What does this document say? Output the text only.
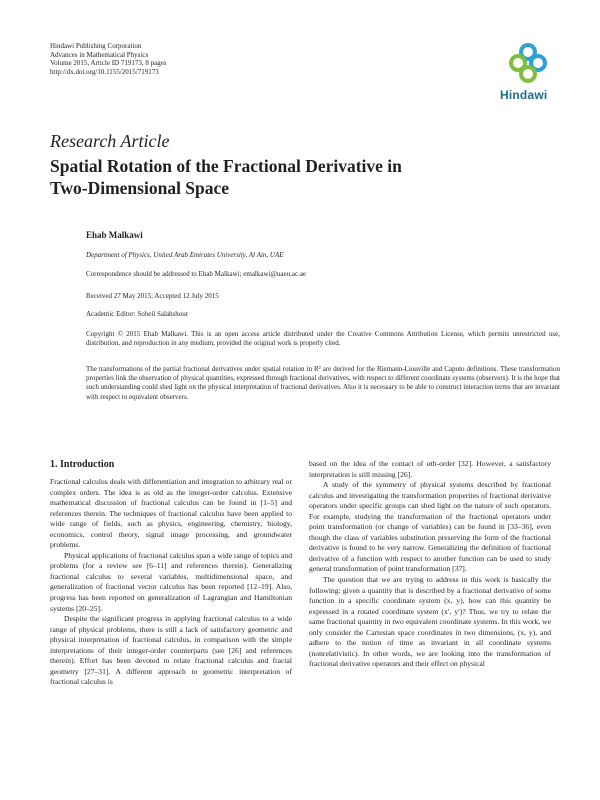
Hindawi Publishing Corporation
Advances in Mathematical Physics
Volume 2015, Article ID 719173, 8 pages
http://dx.doi.org/10.1155/2015/719173
Hindawi
Research Article
Spatial Rotation of the Fractional Derivative in
Two-Dimensional Space
Ehab Malkawi
Department of Physics, United Arab Emirates University, Al Ain, UAE
Correspondence should be addressed to Ehab Malkawi; emalkawi@uaeu.ac.ae
Received 27 May 2015; Accepted 12 July 2015
Academic Editor: Soheil Salahshour
Copyright © 2015 Ehab Malkawi. This is an open access article distributed under the Creative Commons Attribution License, which permits unrestricted use, distribution, and reproduction in any medium, provided the original work is properly cited.
The transformations of the partial fractional derivatives under spatial rotation in R² are derived for the Riemann-Liouville and Caputo definitions. These transformation properties link the observation of physical quantities, expressed through fractional derivatives, with respect to different coordinate systems (observers). It is the hope that such understanding could shed light on the physical interpretation of fractional derivatives. Also it is necessary to be able to construct interaction terms that are invariant with respect to equivalent observers.
1. Introduction

Fractional calculus deals with differentiation and integration to arbitrary real or complex orders. The idea is as old as the integer-order calculus. Extensive mathematical discussion of fractional calculus can be found in [1–5] and references therein. The techniques of fractional calculus have been applied to wide range of fields, such as physics, engineering, chemistry, biology, economics, control theory, signal image processing, and groundwater problems.

Physical applications of fractional calculus span a wide range of topics and problems (for a review see [6–11] and references therein). Generalizing fractional calculus to several variables, multidimensional space, and generalization of fractional vector calculus has been reported [12–19]. Also, progress has been reported on generalization of Lagrangian and Hamiltonian systems [20–25].

Despite the significant progress in applying fractional calculus to a wide range of physical problems, there is still a lack of satisfactory geometric and physical interpretation of fractional calculus, in comparison with the simple interpretations of their integer-order counterparts (see [26] and references therein). Effort has been devoted to relate fractional calculus and fractal geometry [27–31]. A different approach to geometric interpretation of fractional calculus is

based on the idea of the contact of αth-order [32]. However, a satisfactory interpretation is still missing [26].

A study of the symmetry of physical systems described by fractional calculus and investigating the transformation properties of fractional derivative operators under specific groups can shed light on the nature of such operators. For example, studying the transformation of the fractional operators under point transformation (or change of variables) can be found in [33–36], even though the class of variables substitution preserving the form of the fractional derivative is found to be very narrow. Generalizing the definition of fractional derivative of a function with respect to another function can be used to study general transformation of point transformation [37].

The question that we are trying to address in this work is basically the following: given a quantity that is described by a fractional derivative of some function in a specific coordinate system (x, y), how can this quantity be expressed in a rotated coordinate system (x′, y′)? Thus, we try to relate the same fractional quantity in two equivalent coordinate systems. In this work, we only consider the Cartesian space coordinates in two dimensions, (x, y), and adhere to the notion of time as invariant in all coordinate systems (nonrelativistic). In other words, we are looking into the transformation of fractional derivative operators and their effect on physical
